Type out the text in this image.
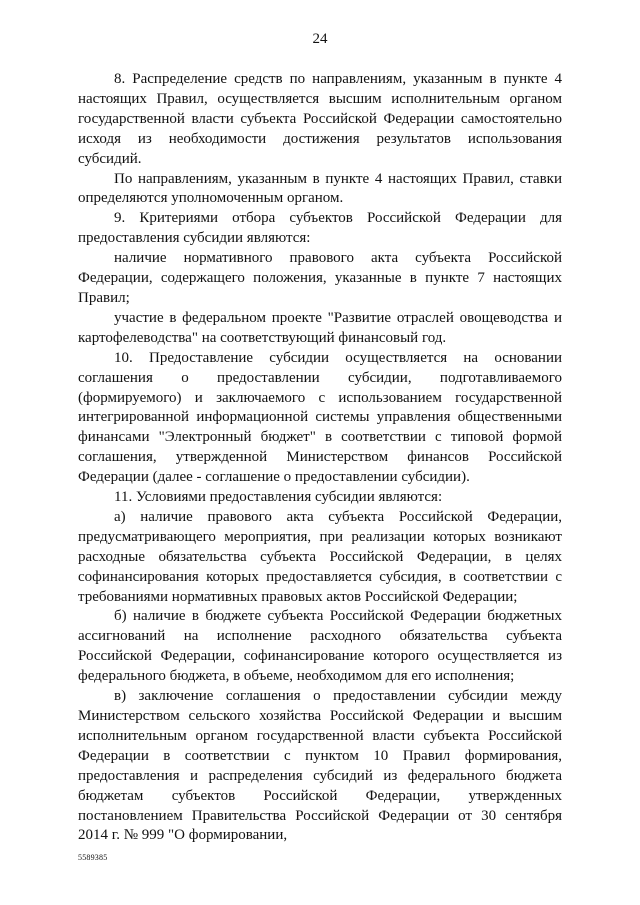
24

8. Распределение средств по направлениям, указанным в пункте 4 настоящих Правил, осуществляется высшим исполнительным органом государственной власти субъекта Российской Федерации самостоятельно исходя из необходимости достижения результатов использования субсидий.

По направлениям, указанным в пункте 4 настоящих Правил, ставки определяются уполномоченным органом.

9. Критериями отбора субъектов Российской Федерации для предоставления субсидии являются:

наличие нормативного правового акта субъекта Российской Федерации, содержащего положения, указанные в пункте 7 настоящих Правил;

участие в федеральном проекте "Развитие отраслей овощеводства и картофелеводства" на соответствующий финансовый год.

10. Предоставление субсидии осуществляется на основании соглашения о предоставлении субсидии, подготавливаемого (формируемого) и заключаемого с использованием государственной интегрированной информационной системы управления общественными финансами "Электронный бюджет" в соответствии с типовой формой соглашения, утвержденной Министерством финансов Российской Федерации (далее - соглашение о предоставлении субсидии).

11. Условиями предоставления субсидии являются:

а) наличие правового акта субъекта Российской Федерации, предусматривающего мероприятия, при реализации которых возникают расходные обязательства субъекта Российской Федерации, в целях софинансирования которых предоставляется субсидия, в соответствии с требованиями нормативных правовых актов Российской Федерации;

б) наличие в бюджете субъекта Российской Федерации бюджетных ассигнований на исполнение расходного обязательства субъекта Российской Федерации, софинансирование которого осуществляется из федерального бюджета, в объеме, необходимом для его исполнения;

в) заключение соглашения о предоставлении субсидии между Министерством сельского хозяйства Российской Федерации и высшим исполнительным органом государственной власти субъекта Российской Федерации в соответствии с пунктом 10 Правил формирования, предоставления и распределения субсидий из федерального бюджета бюджетам субъектов Российской Федерации, утвержденных постановлением Правительства Российской Федерации от 30 сентября 2014 г. № 999 "О формировании,

5589385
